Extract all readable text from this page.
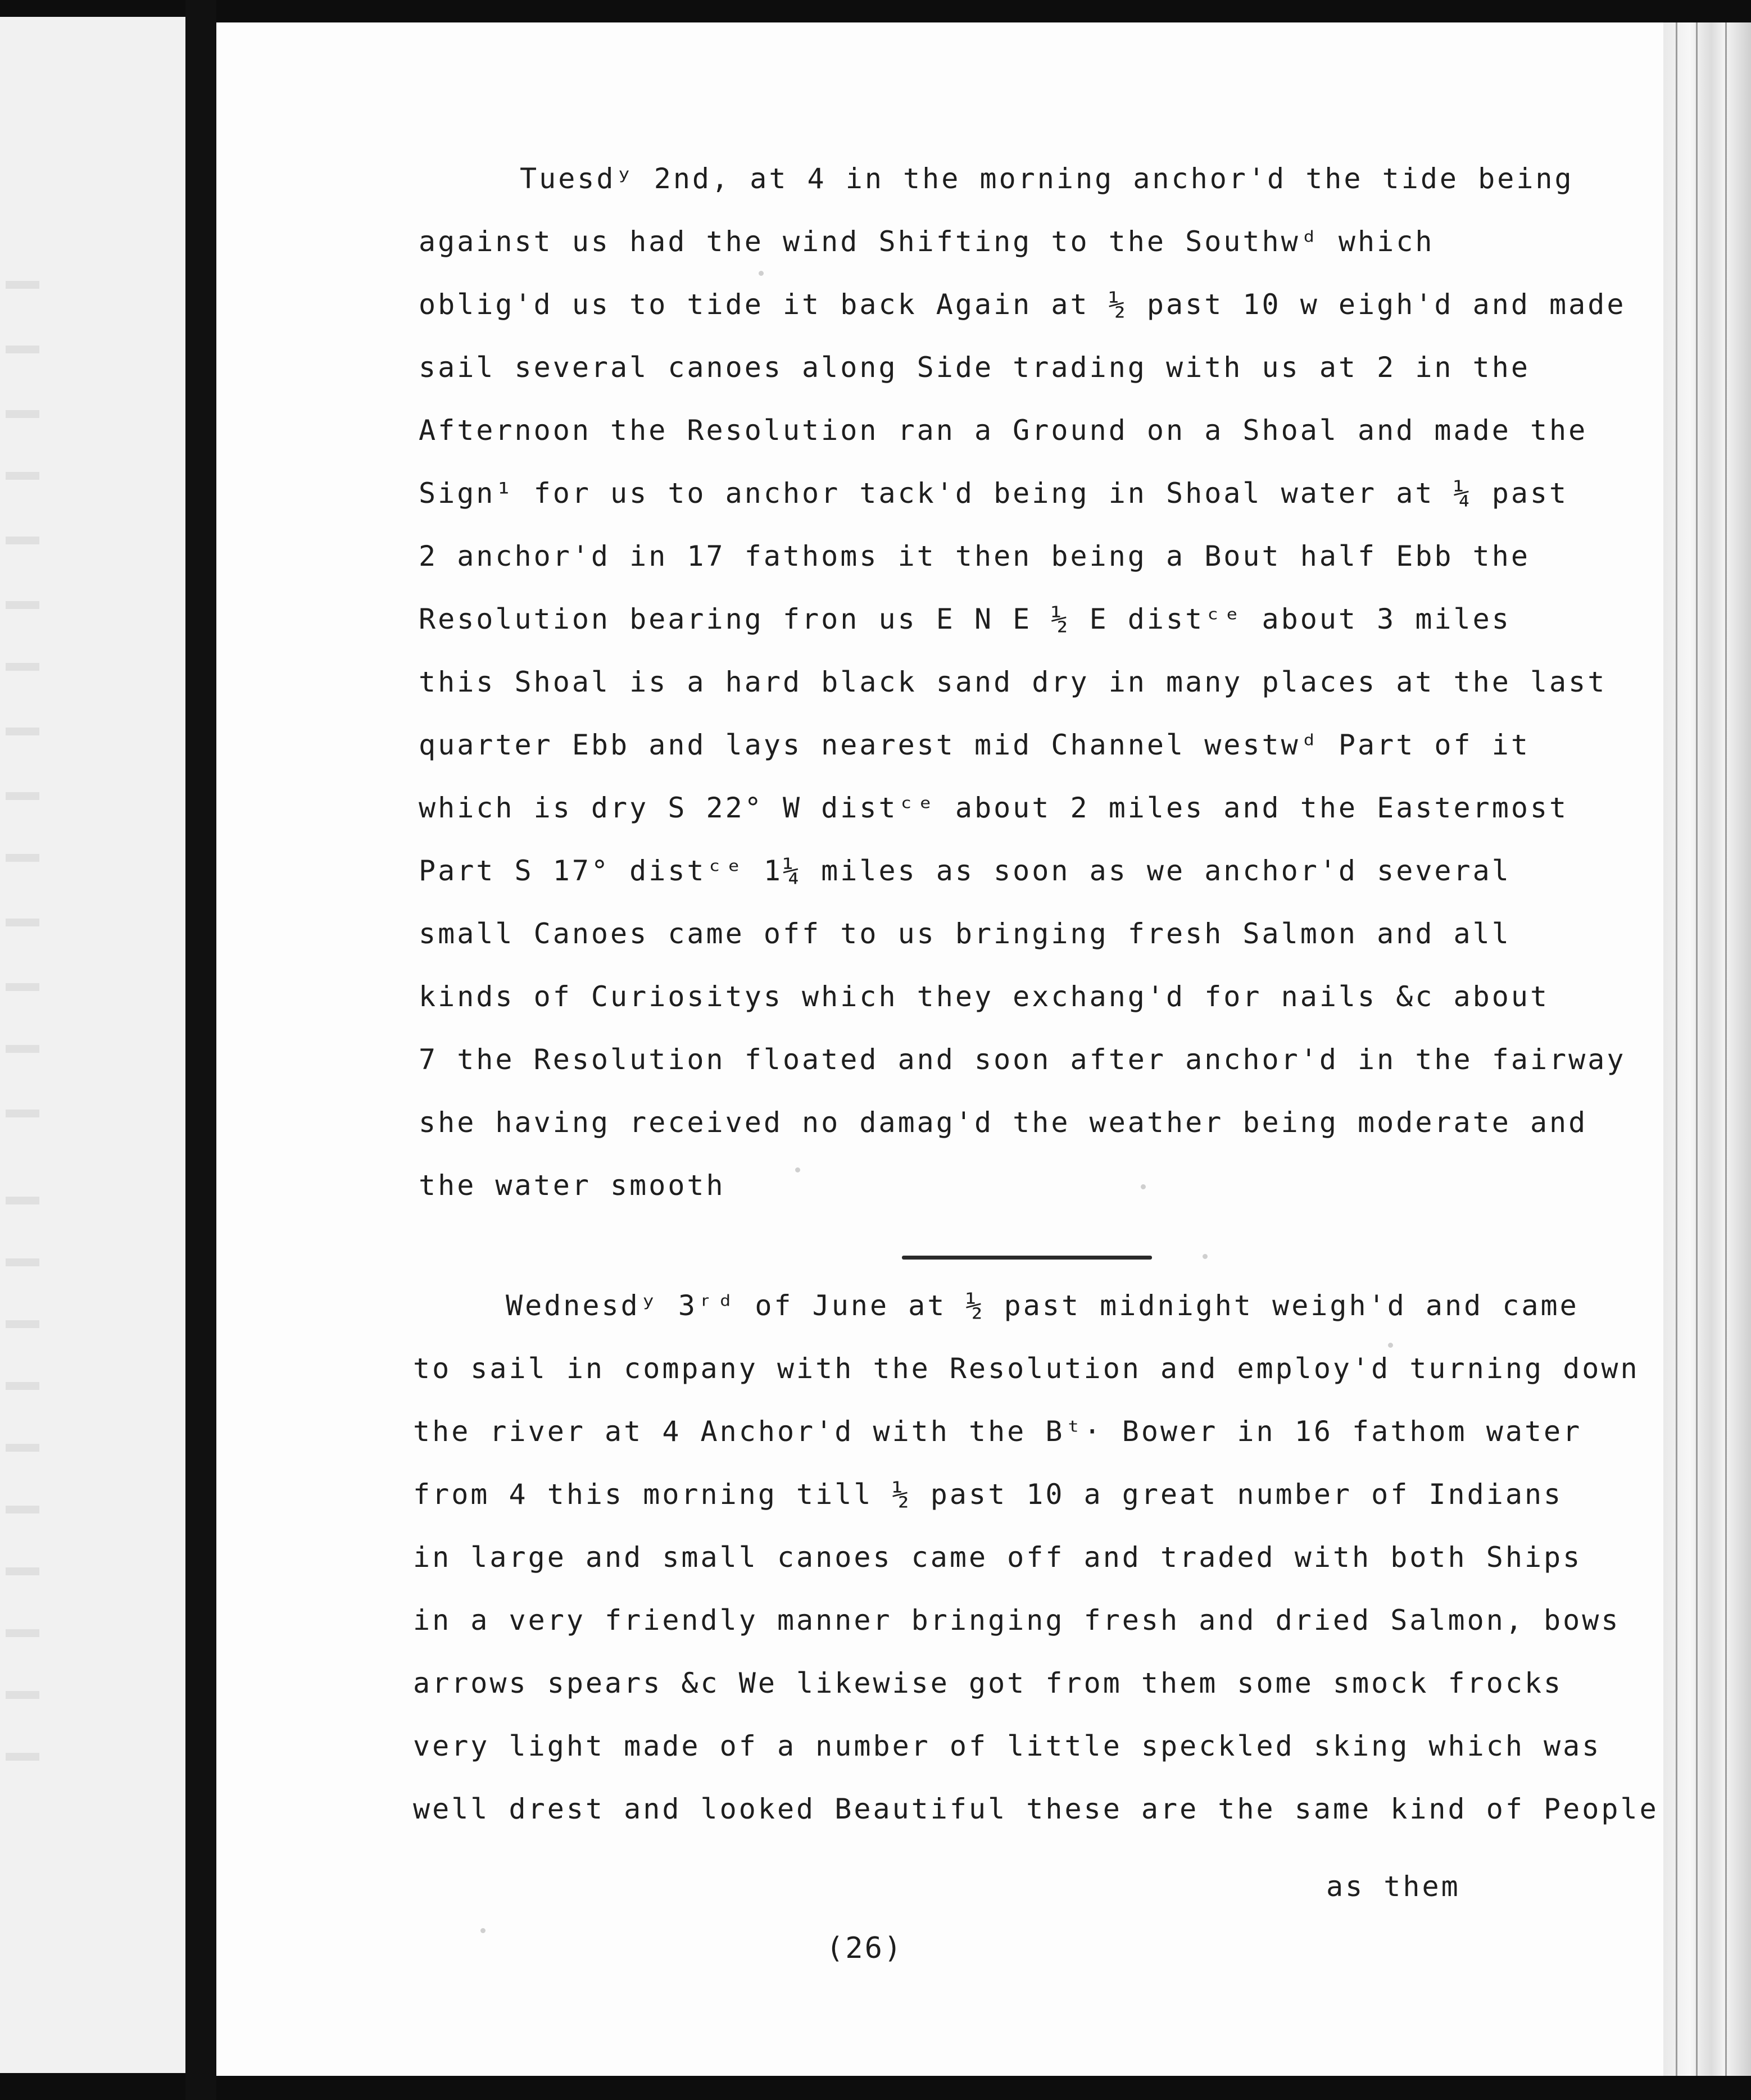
Tuesdʸ 2nd, at 4 in the morning anchor'd the tide being

against us had the wind Shifting to the Southwᵈ which

oblig'd us to tide it back Again at ½ past 10 w eigh'd and made

sail several canoes along Side trading with us at 2 in the

Afternoon the Resolution ran a Ground on a Shoal and made the

Sign¹ for us to anchor tack'd being in Shoal water at ¼ past

2 anchor'd in 17 fathoms it then being a Bout half Ebb the

Resolution bearing fron us E N E ½ E distᶜᵉ about 3 miles

this Shoal is a hard black sand dry in many places at the last

quarter Ebb and lays nearest mid Channel westwᵈ Part of it

which is dry S 22° W distᶜᵉ about 2 miles and the Eastermost

Part S 17° distᶜᵉ 1¼ miles as soon as we anchor'd several

small Canoes came off to us bringing fresh Salmon and all

kinds of Curiositys which they exchang'd for nails &c about

7 the Resolution floated and soon after anchor'd in the fairway

she having received no damag'd the weather being moderate and

the water smooth

Wednesdʸ 3ʳᵈ of June at ½ past midnight weigh'd and came

to sail in company with the Resolution and employ'd turning down

the river at 4 Anchor'd with the Bᵗ· Bower in 16 fathom water

from 4 this morning till ½ past 10 a great number of Indians

in large and small canoes came off and traded with both Ships

in a very friendly manner bringing fresh and dried Salmon, bows

arrows spears &c We likewise got from them some smock frocks

very light made of a number of little speckled sking which was

well drest and looked Beautiful these are the same kind of People

as them
(26)
